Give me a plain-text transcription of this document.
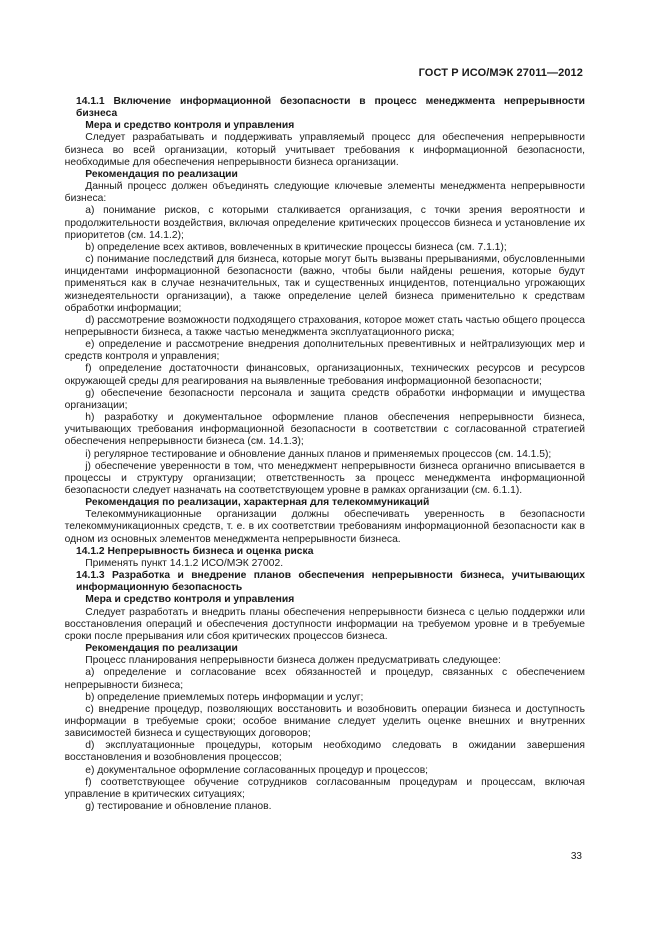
ГОСТ Р ИСО/МЭК 27011—2012

14.1.1 Включение информационной безопасности в процесс менеджмента непрерывности бизнеса

Мера и средство контроля и управления

Следует разрабатывать и поддерживать управляемый процесс для обеспечения непрерывности бизнеса во всей организации, который учитывает требования к информационной безопасности, необходимые для обеспечения непрерывности бизнеса организации.

Рекомендация по реализации

Данный процесс должен объединять следующие ключевые элементы менеджмента непрерывности бизнеса:

a) понимание рисков, с которыми сталкивается организация, с точки зрения вероятности и продолжительности воздействия, включая определение критических процессов бизнеса и установление их приоритетов (см. 14.1.2);

b) определение всех активов, вовлеченных в критические процессы бизнеса (см. 7.1.1);

c) понимание последствий для бизнеса, которые могут быть вызваны прерываниями, обусловленными инцидентами информационной безопасности (важно, чтобы были найдены решения, которые будут применяться как в случае незначительных, так и существенных инцидентов, потенциально угрожающих жизнедеятельности организации), а также определение целей бизнеса применительно к средствам обработки информации;

d) рассмотрение возможности подходящего страхования, которое может стать частью общего процесса непрерывности бизнеса, а также частью менеджмента эксплуатационного риска;

e) определение и рассмотрение внедрения дополнительных превентивных и нейтрализующих мер и средств контроля и управления;

f) определение достаточности финансовых, организационных, технических ресурсов и ресурсов окружающей среды для реагирования на выявленные требования информационной безопасности;

g) обеспечение безопасности персонала и защита средств обработки информации и имущества организации;

h) разработку и документальное оформление планов обеспечения непрерывности бизнеса, учитывающих требования информационной безопасности в соответствии с согласованной стратегией обеспечения непрерывности бизнеса (см. 14.1.3);

i) регулярное тестирование и обновление данных планов и применяемых процессов (см. 14.1.5);

j) обеспечение уверенности в том, что менеджмент непрерывности бизнеса органично вписывается в процессы и структуру организации; ответственность за процесс менеджмента информационной безопасности следует назначать на соответствующем уровне в рамках организации (см. 6.1.1).

Рекомендация по реализации, характерная для телекоммуникаций

Телекоммуникационные организации должны обеспечивать уверенность в безопасности телекоммуникационных средств, т. е. в их соответствии требованиям информационной безопасности как в одном из основных элементов менеджмента непрерывности бизнеса.

14.1.2 Непрерывность бизнеса и оценка риска

Применять пункт 14.1.2 ИСО/МЭК 27002.

14.1.3 Разработка и внедрение планов обеспечения непрерывности бизнеса, учитывающих информационную безопасность

Мера и средство контроля и управления

Следует разработать и внедрить планы обеспечения непрерывности бизнеса с целью поддержки или восстановления операций и обеспечения доступности информации на требуемом уровне и в требуемые сроки после прерывания или сбоя критических процессов бизнеса.

Рекомендация по реализации

Процесс планирования непрерывности бизнеса должен предусматривать следующее:

a) определение и согласование всех обязанностей и процедур, связанных с обеспечением непрерывности бизнеса;

b) определение приемлемых потерь информации и услуг;

c) внедрение процедур, позволяющих восстановить и возобновить операции бизнеса и доступность информации в требуемые сроки; особое внимание следует уделить оценке внешних и внутренних зависимостей бизнеса и существующих договоров;

d) эксплуатационные процедуры, которым необходимо следовать в ожидании завершения восстановления и возобновления процессов;

e) документальное оформление согласованных процедур и процессов;

f) соответствующее обучение сотрудников согласованным процедурам и процессам, включая управление в критических ситуациях;

g) тестирование и обновление планов.

33
